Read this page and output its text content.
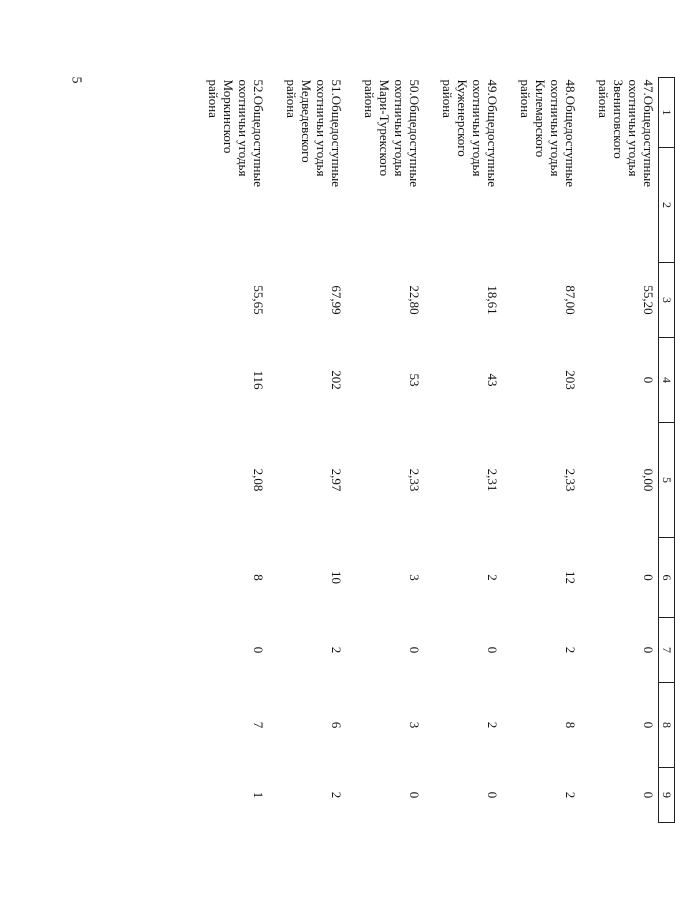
5
1	2	3	4	5	6	7	8	9
47.Общедоступные
охотничьи угодья
Звениговского
района		55,20	0	0,00	0	0	0	0
48.Общедоступные
охотничьи угодья
Килемарского
района		87,00	203	2,33	12	2	8	2
49.Общедоступные
охотничьи угодья
Куженерского
района		18,61	43	2,31	2	0	2	0
50.Общедоступные
охотничьи угодья
Мари-Турекского
района		22,80	53	2,33	3	0	3	0
51.Общедоступные
охотничьи угодья
Медведевского
района		67,99	202	2,97	10	2	6	2
52.Общедоступные
охотничьи угодья
Моркинского
района		55,65	116	2,08	8	0	7	1
